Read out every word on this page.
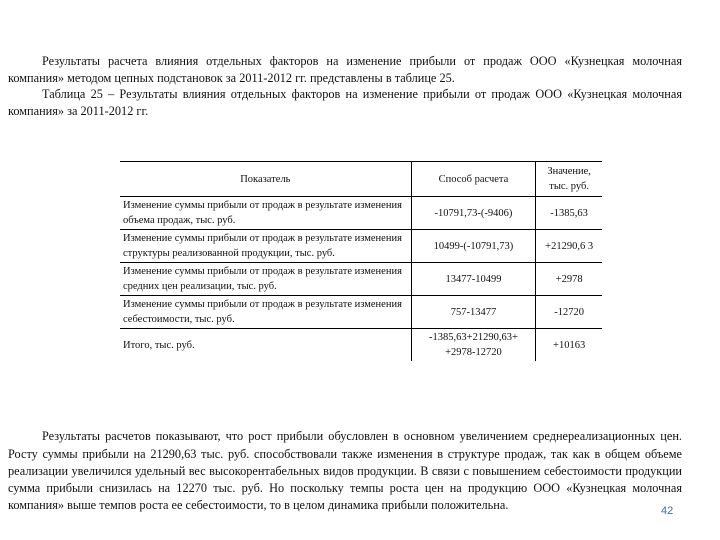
Результаты расчета влияния отдельных факторов на изменение прибыли от продаж ООО «Кузнецкая молочная компания» методом цепных подстановок за 2011-2012 гг. представлены в таблице 25.

Таблица 25 – Результаты влияния отдельных факторов на изменение прибыли от продаж ООО «Кузнецкая молочная компания» за 2011-2012 гг.

Показатель	Способ расчета	Значение, тыс. руб.
Изменение суммы прибыли от продаж в результате изменения объема продаж, тыс. руб.	-10791,73-(-9406)	-1385,63
Изменение суммы прибыли от продаж в результате изменения структуры реализованной продукции, тыс. руб.	10499-(-10791,73)	+21290,6 3
Изменение суммы прибыли от продаж в результате изменения средних цен реализации, тыс. руб.	13477-10499	+2978
Изменение суммы прибыли от продаж в результате изменения себестоимости, тыс. руб.	757-13477	-12720
Итого, тыс. руб.	-1385,63+21290,63+ +2978-12720	+10163

Результаты расчетов показывают, что рост прибыли обусловлен в основном увеличением среднереализационных цен. Росту суммы прибыли на 21290,63 тыс. руб. способствовали также изменения в структуре продаж, так как в общем объеме реализации увеличился удельный вес высокорентабельных видов продукции. В связи с повышением себестоимости продукции сумма прибыли снизилась на 12270 тыс. руб. Но поскольку темпы роста цен на продукцию ООО «Кузнецкая молочная компания» выше темпов роста ее себестоимости, то в целом динамика прибыли положительна.	42
